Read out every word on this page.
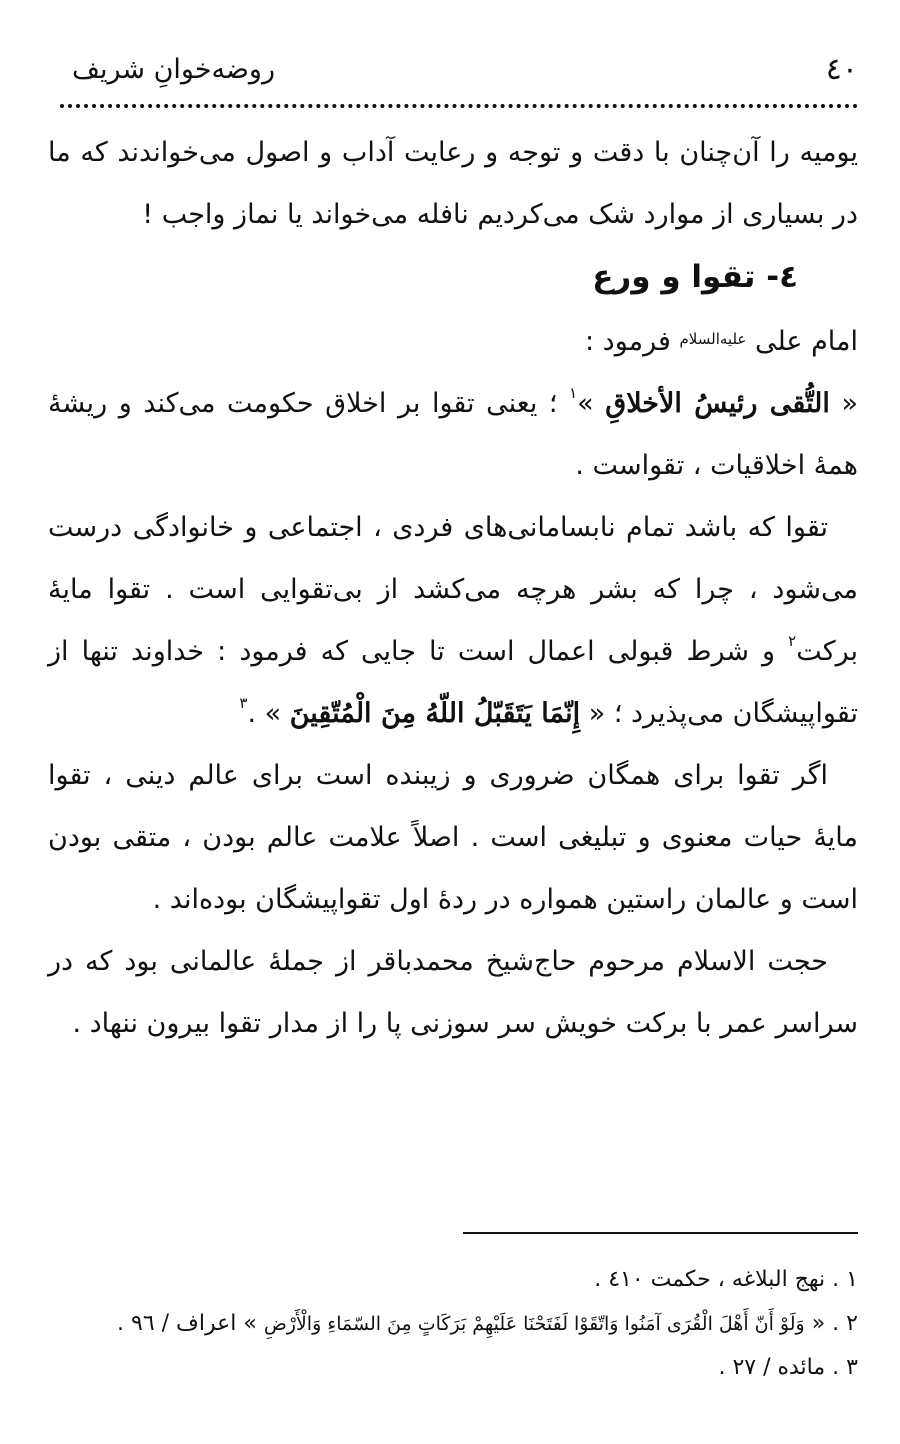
٤٠
روضه‌خوانِ شریف

یومیه را آن‌چنان با دقت و توجه و رعایت آداب و اصول می‌خواندند که ما در بسیاری از موارد شک می‌کردیم نافله می‌خواند یا نماز واجب !

٤- تقوا و ورع

امام علی $^{علیه‌السلام}$ فرمود :

« التُّقی رئیسُ الأخلاقِ »$^١$ ؛ یعنی تقوا بر اخلاق حکومت می‌کند و ریشهٔ همهٔ اخلاقیات ، تقواست .

تقوا که باشد تمام نابسامانی‌های فردی ، اجتماعی و خانوادگی درست می‌شود ، چرا که بشر هرچه می‌کشد از بی‌تقوایی است . تقوا مایهٔ برکت$^٢$ و شرط قبولی اعمال است تا جایی که فرمود : خداوند تنها از تقواپیشگان می‌پذیرد ؛ « إِنّمَا يَتَقَبّلُ اللّهُ مِنَ الْمُتّقِينَ » .$^٣$

اگر تقوا برای همگان ضروری و زیبنده است برای عالم دینی ، تقوا مایهٔ حیات معنوی و تبلیغی است . اصلاً علامت عالم بودن ، متقی بودن است و عالمان راستین همواره در ردهٔ اول تقواپیشگان بوده‌اند .

حجت الاسلام مرحوم حاج‌شیخ محمدباقر از جملهٔ عالمانی بود که در سراسر عمر با برکت خویش سر سوزنی پا را از مدار تقوا بیرون ننهاد .

١ . نهج البلاغه ، حکمت ٤١٠ .

٢ . « وَلَوْ أَنّ أَهْلَ الْقُرَى آمَنُوا وَاتّقَوْا لَفَتَحْنَا عَلَيْهِمْ بَرَكَاتٍ مِنَ السّمَاءِ وَالْأَرْضِ » اعراف / ٩٦ .

٣ . مائده / ٢٧ .
